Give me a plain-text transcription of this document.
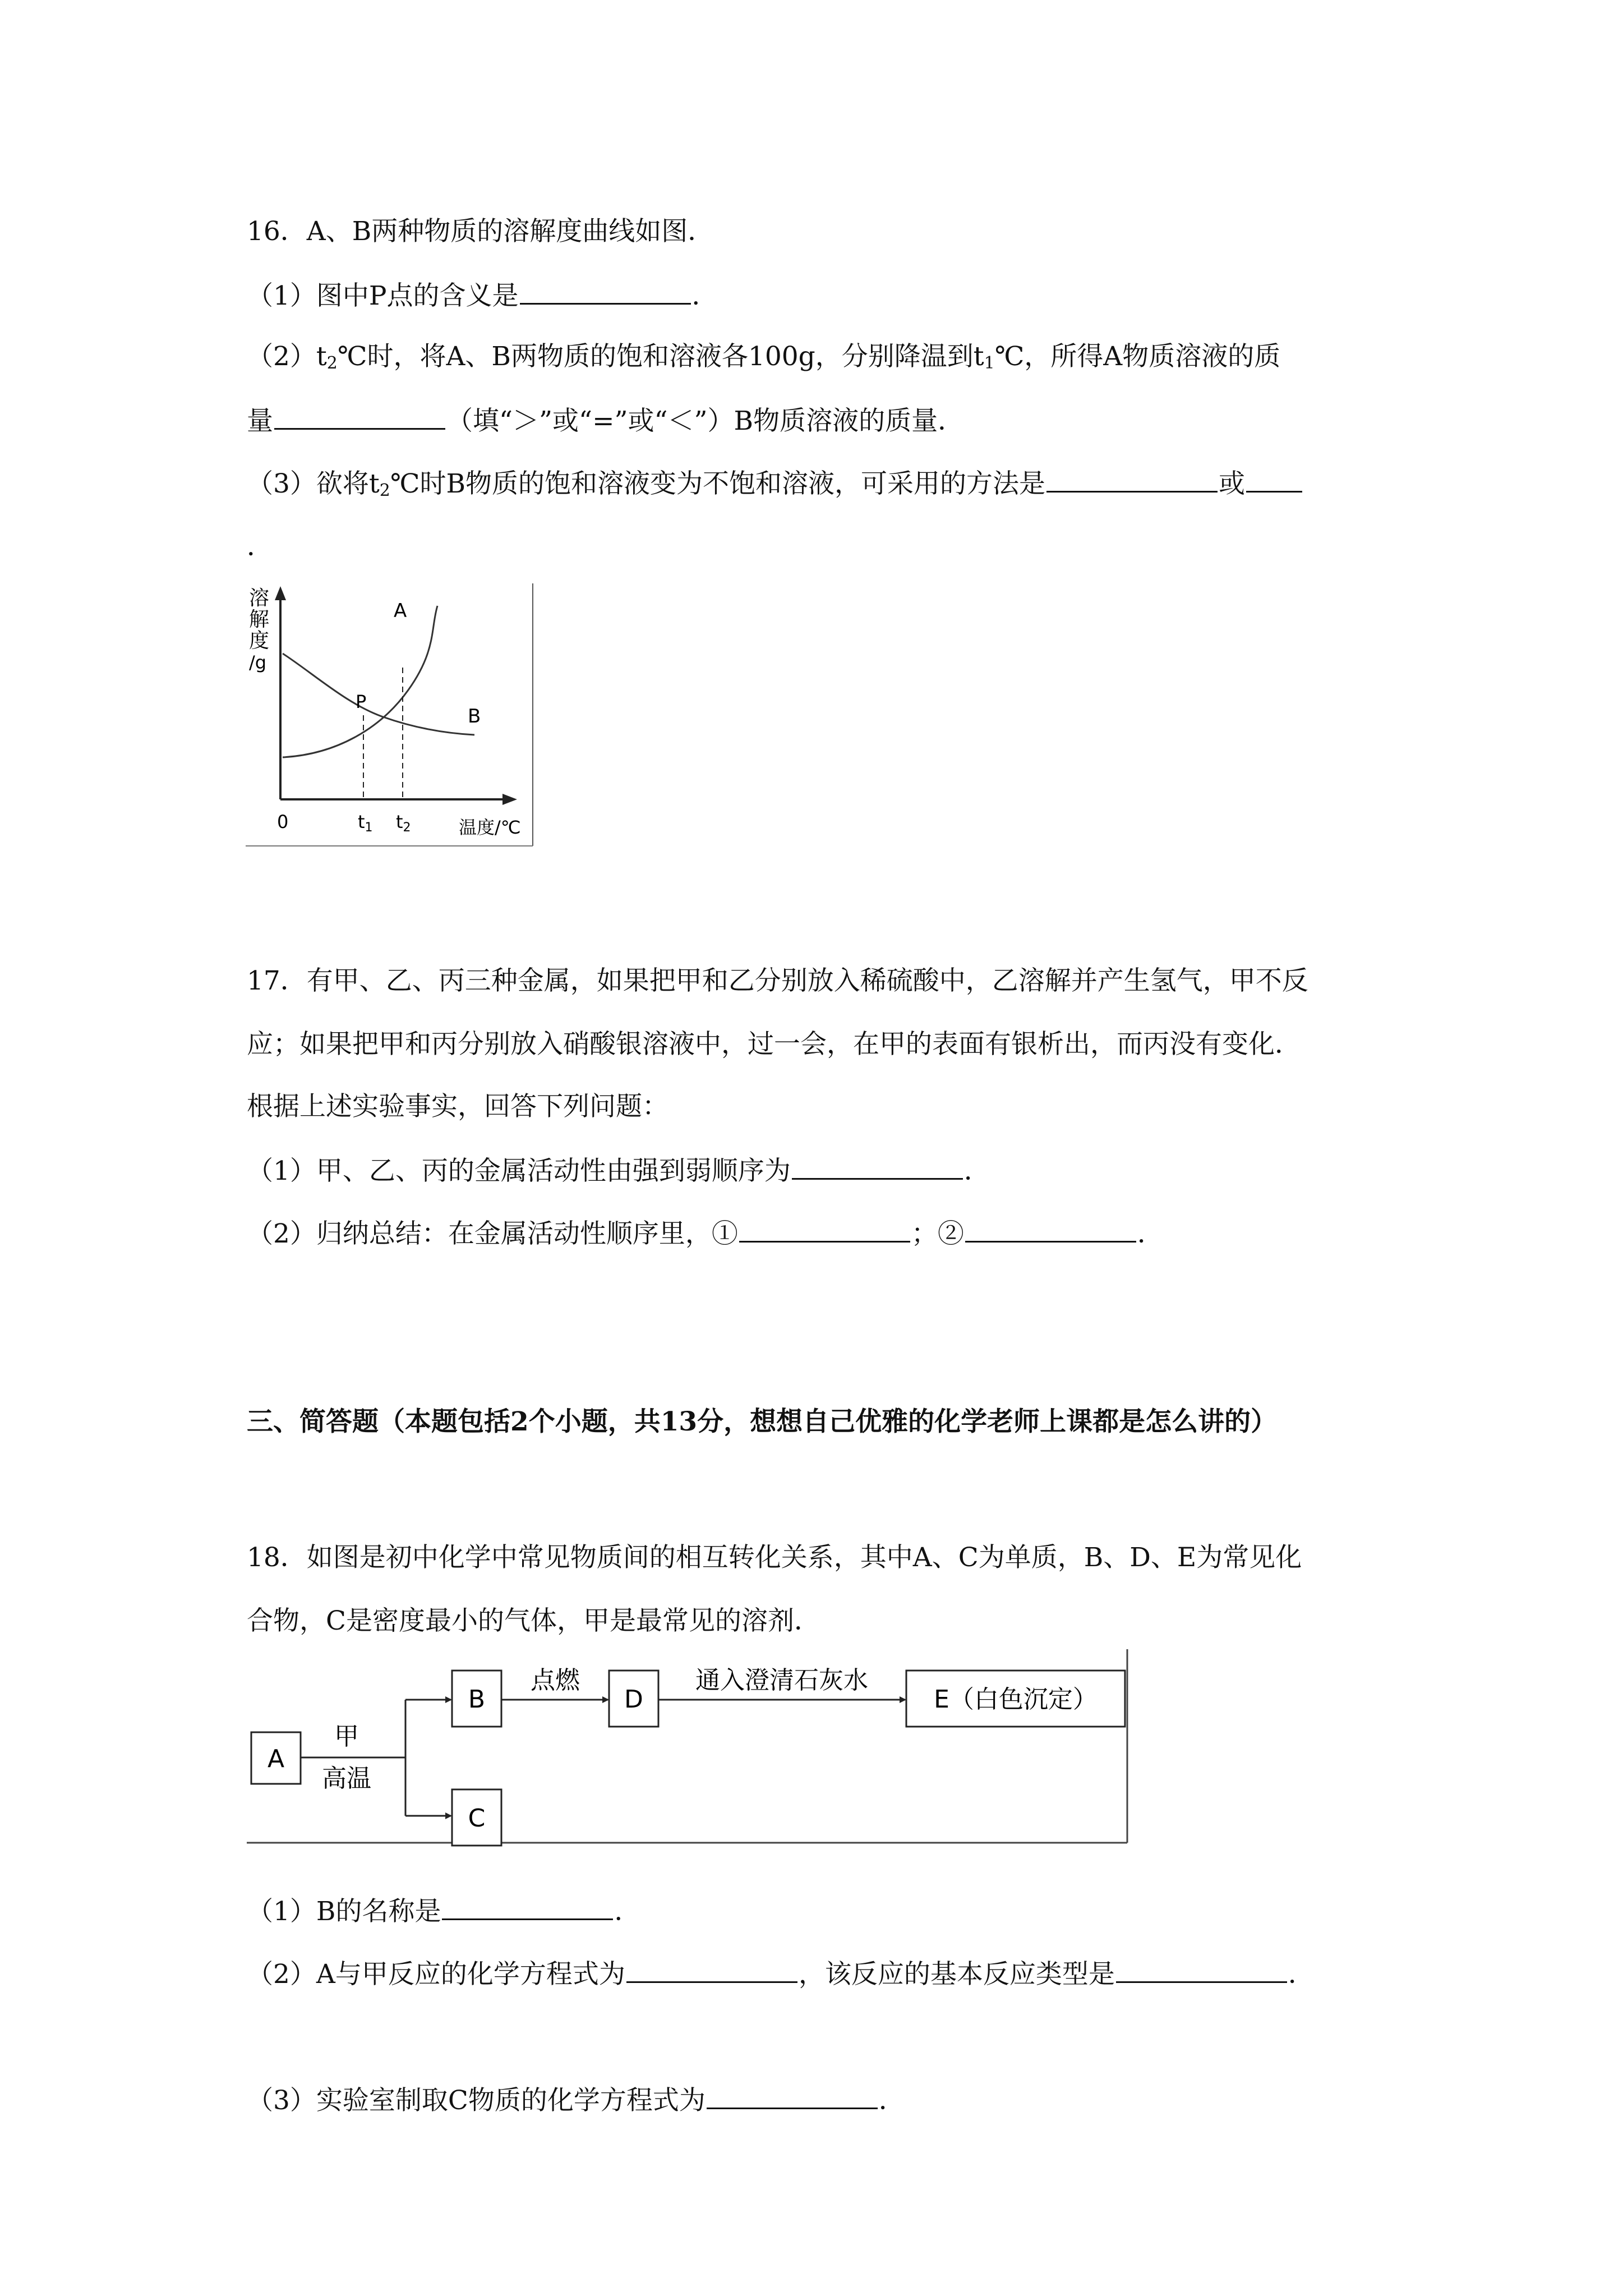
16．A、B两种物质的溶解度曲线如图．
（1）图中P点的含义是	．
$(2)t_2℃$时，将A、B两物质的饱和溶液各100g，分别降温到$t_1℃$，所得A物质溶液的质
量	（填“＞”或“=”或“＜”）B物质溶液的质量．
（3）欲将$t_2℃$时B物质的饱和溶液变为不饱和溶液，可采用的方法是	或
．
溶
解
度
/g
0	t1 t2	温度/℃
P
A
B
17．有甲、乙、丙三种金属，如果把甲和乙分别放入稀硫酸中，乙溶解并产生氢气，甲不反
应；如果把甲和丙分别放入硝酸银溶液中，过一会，在甲的表面有银析出，而丙没有变化．
根据上述实验事实，回答下列问题：
（1）甲、乙、丙的金属活动性由强到弱顺序为	．
（2）归纳总结：在金属活动性顺序里，①	；②	．
三、简答题（本题包括2个小题，共13分，想想自己优雅的化学老师上课都是怎么讲的）
18．如图是初中化学中常见物质间的相互转化关系，其中A、C为单质，B、D、E为常见化
合物，C是密度最小的气体，甲是最常见的溶剂．
A
甲
高温
B
C
点燃
D
通入澄清石灰水
E（白色沉定）
（1）B的名称是	．
（2）A与甲反应的化学方程式为	，该反应的基本反应类型是	．
（3）实验室制取C物质的化学方程式为	．
